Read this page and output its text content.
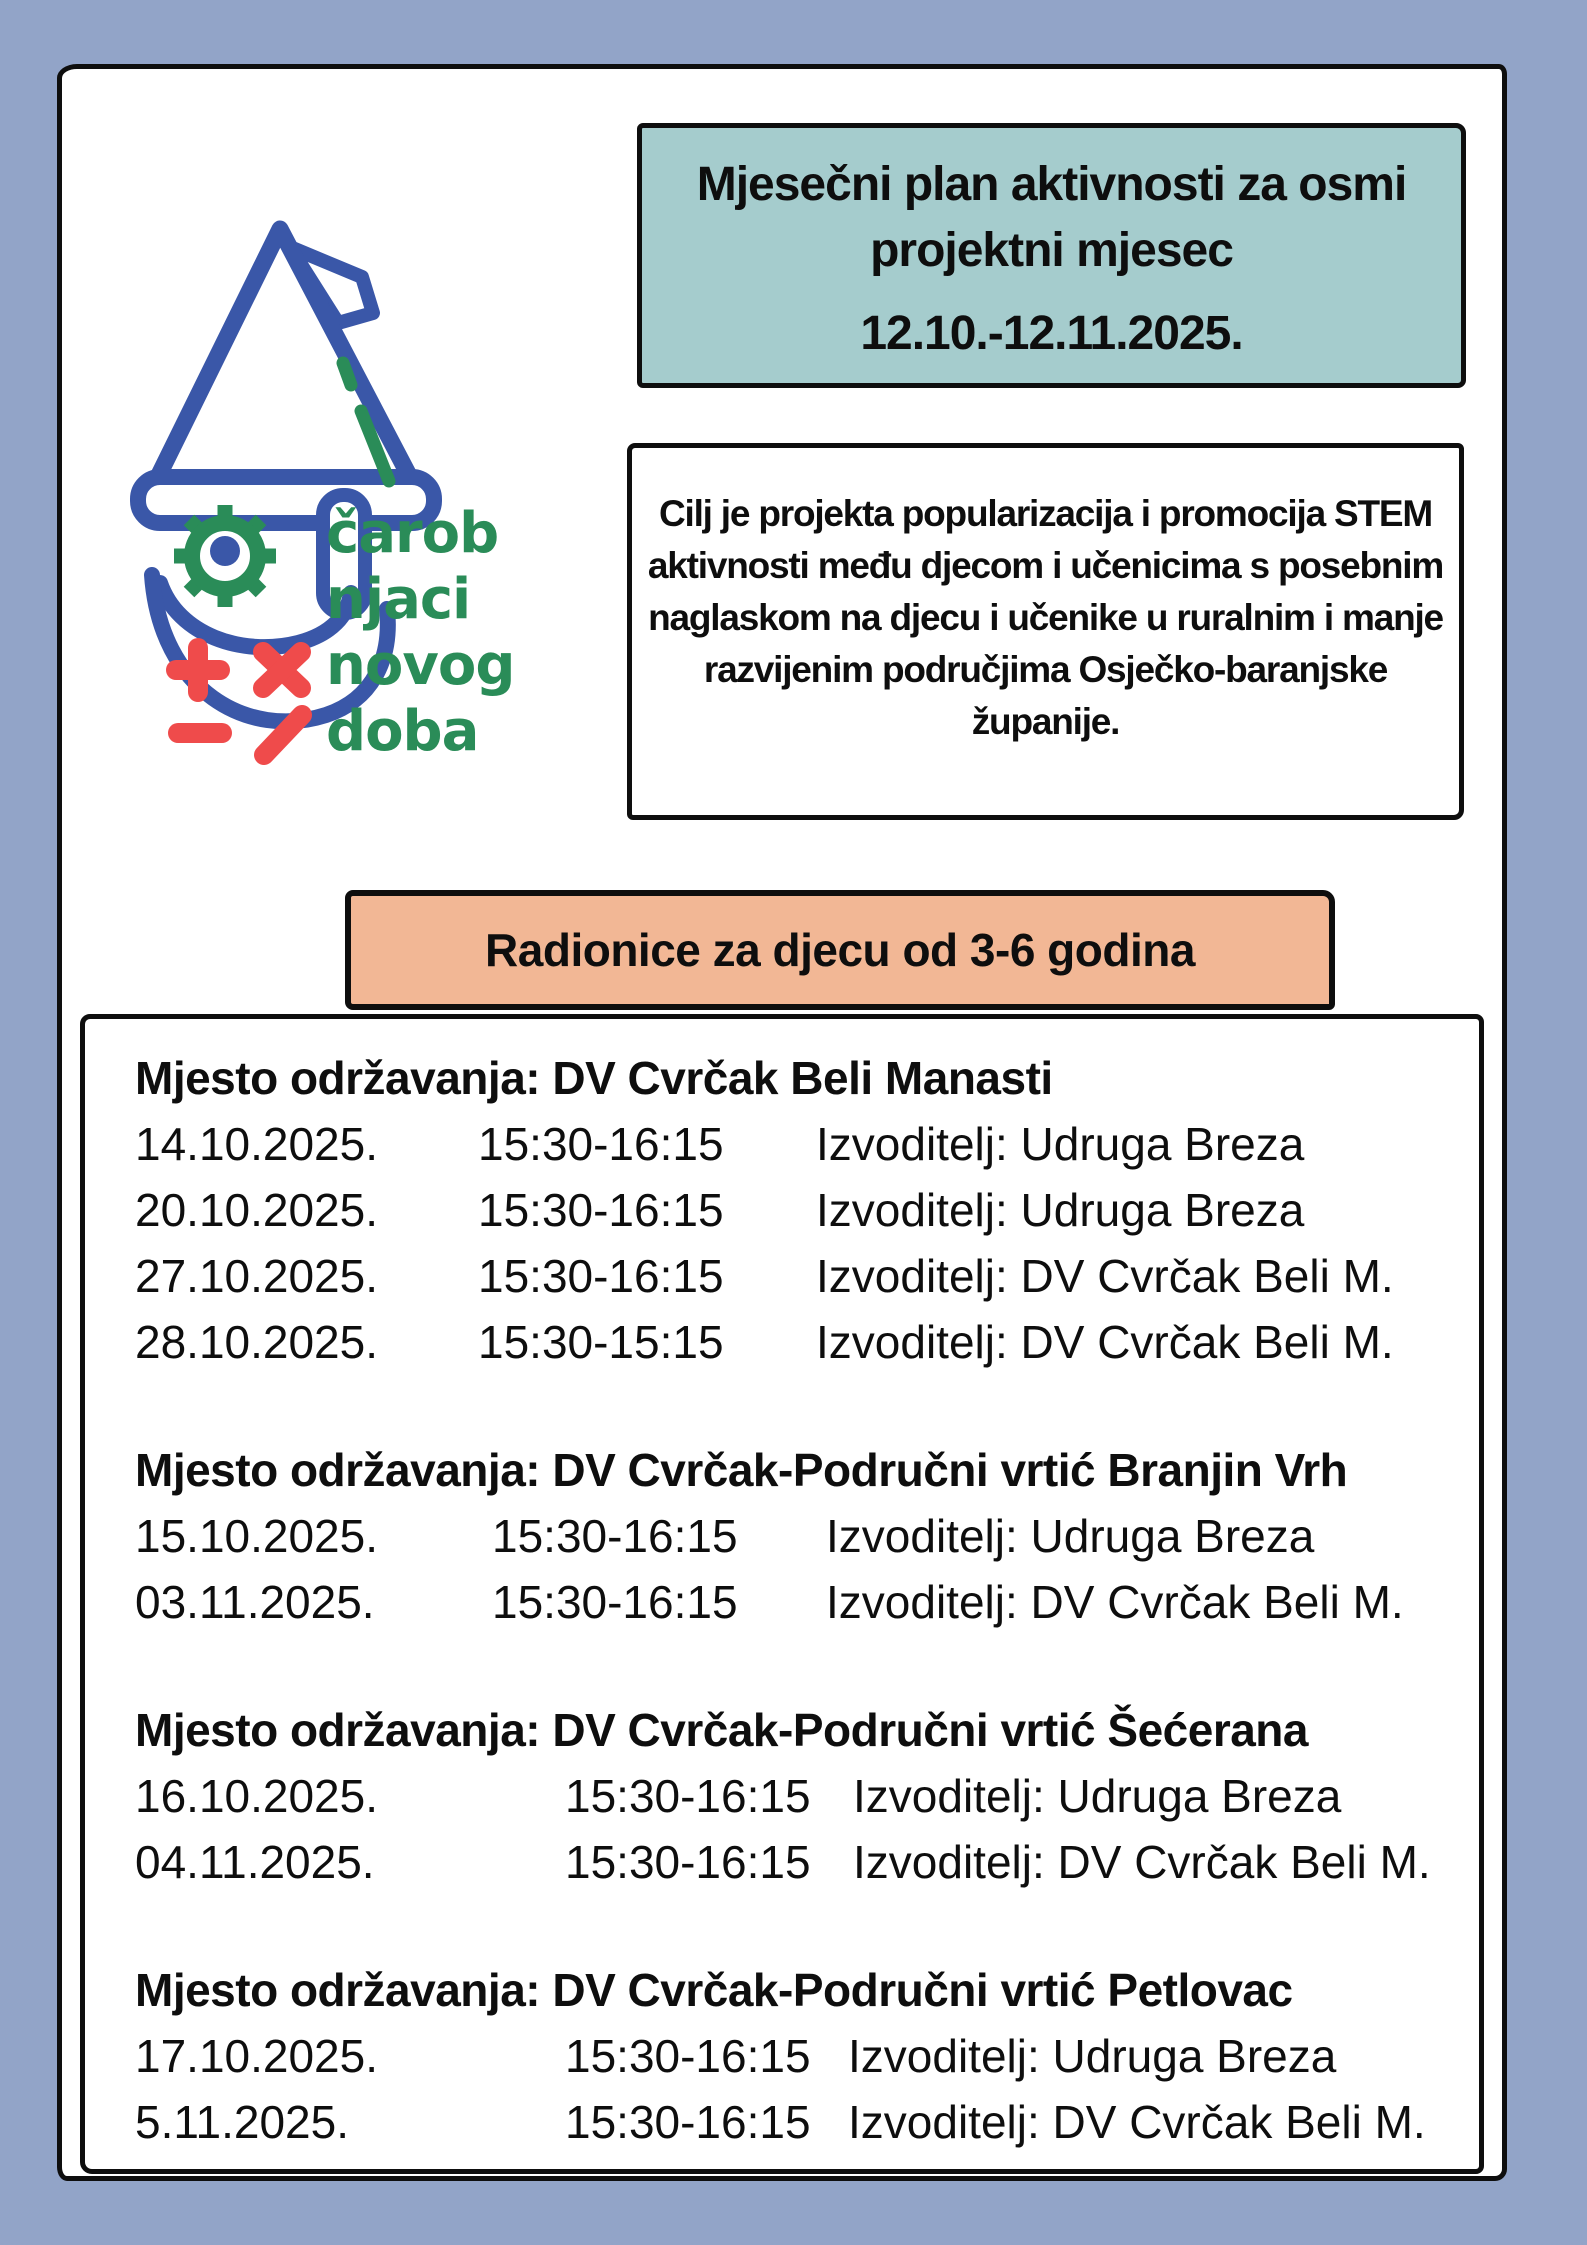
čarob
njaci
novog
doba
Mjesečni plan aktivnosti za osmi projektni mjesec
12.10.-12.11.2025.
Cilj je projekta popularizacija i promocija STEM aktivnosti među djecom i učenicima s posebnim naglaskom na djecu i učenike u ruralnim i manje razvijenim područjima Osječko-baranjske županije.
Radionice za djecu od 3-6 godina
Mjesto održavanja: DV Cvrčak Beli Manasti
14.10.2025. 15:30-16:15 Izvoditelj: Udruga Breza
20.10.2025. 15:30-16:15 Izvoditelj: Udruga Breza
27.10.2025. 15:30-16:15 Izvoditelj: DV Cvrčak Beli M.
28.10.2025. 15:30-15:15 Izvoditelj: DV Cvrčak Beli M.
Mjesto održavanja: DV Cvrčak-Područni vrtić Branjin Vrh
15.10.2025. 15:30-16:15 Izvoditelj: Udruga Breza
03.11.2025.	15:30-16:15 Izvoditelj: DV Cvrčak Beli M.
Mjesto održavanja: DV Cvrčak-Područni vrtić Šećerana
16.10.2025.	15:30-16:15 Izvoditelj: Udruga Breza
04.11.2025.	15:30-16:15 Izvoditelj: DV Cvrčak Beli M.
Mjesto održavanja: DV Cvrčak-Područni vrtić Petlovac
17.10.2025.	15:30-16:15 Izvoditelj: Udruga Breza
5.11.2025.	15:30-16:15 Izvoditelj: DV Cvrčak Beli M.
